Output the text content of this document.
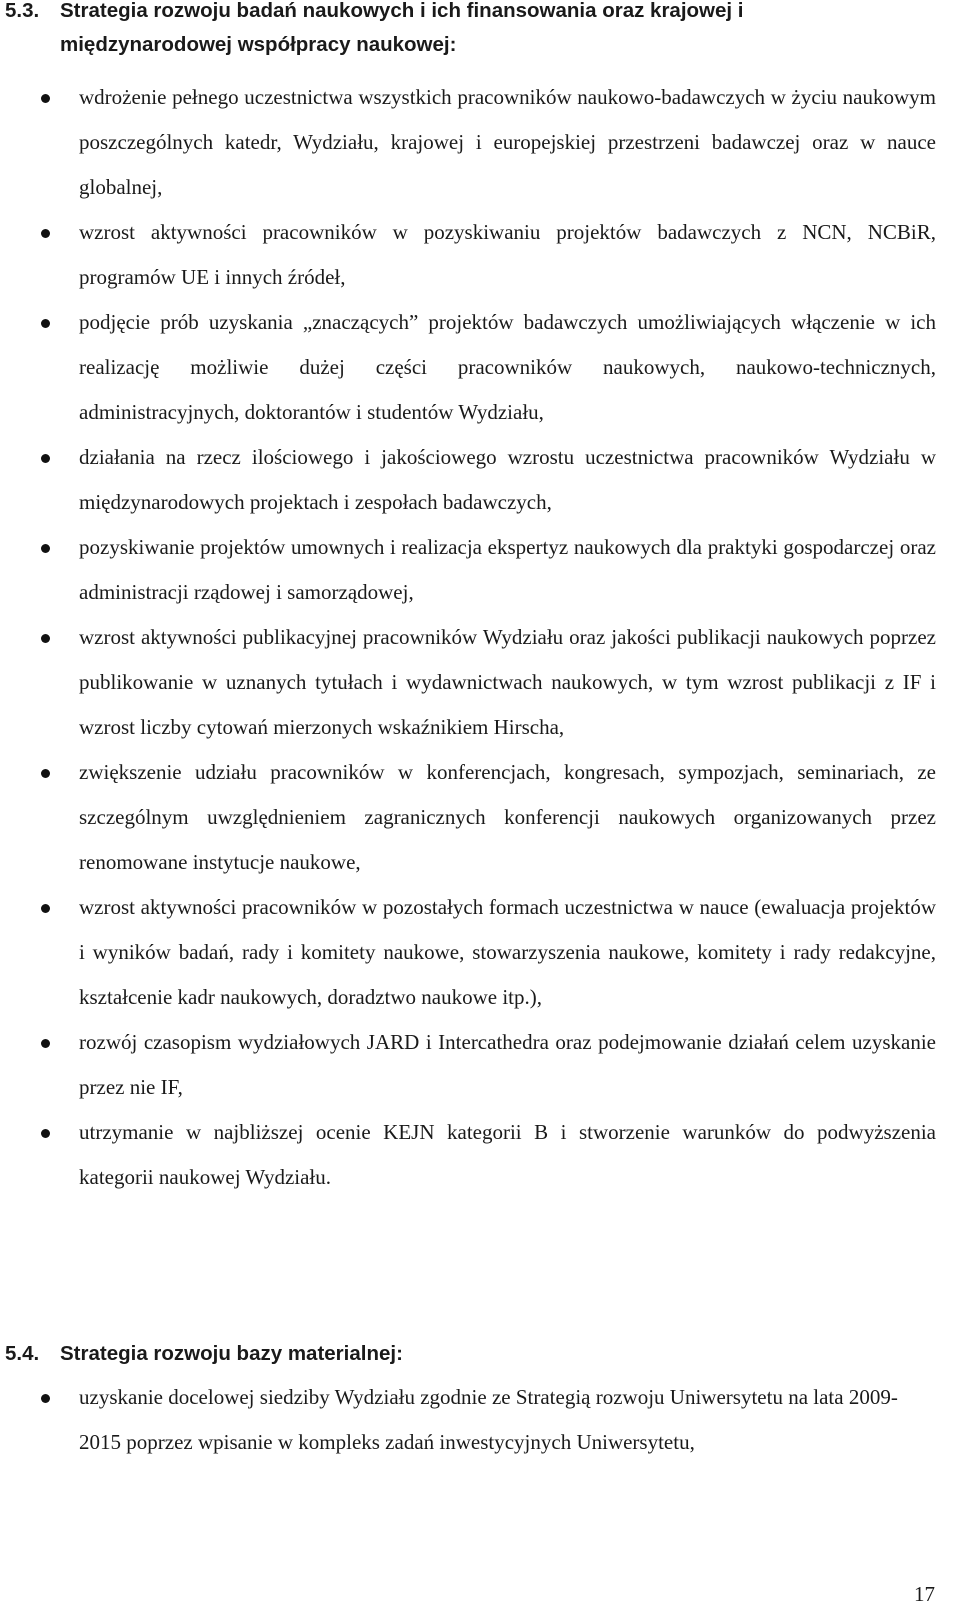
5.3. Strategia rozwoju badań naukowych i ich finansowania oraz krajowej i
międzynarodowej współpracy naukowej:
wdrożenie pełnego uczestnictwa wszystkich pracowników naukowo-badawczych w życiu naukowym poszczególnych katedr, Wydziału, krajowej i europejskiej przestrzeni badawczej oraz w nauce globalnej,
wzrost aktywności pracowników w pozyskiwaniu projektów badawczych z NCN, NCBiR, programów UE i innych źródeł,
podjęcie prób uzyskania „znaczących” projektów badawczych umożliwiających włączenie w ich realizację możliwie dużej części pracowników naukowych, naukowo-technicznych, administracyjnych, doktorantów i studentów Wydziału,
działania na rzecz ilościowego i jakościowego wzrostu uczestnictwa pracowników Wydziału w międzynarodowych projektach i zespołach badawczych,
pozyskiwanie projektów umownych i realizacja ekspertyz naukowych dla praktyki gospodarczej oraz administracji rządowej i samorządowej,
wzrost aktywności publikacyjnej pracowników Wydziału oraz jakości publikacji naukowych poprzez publikowanie w uznanych tytułach i wydawnictwach naukowych, w tym wzrost publikacji z IF i wzrost liczby cytowań mierzonych wskaźnikiem Hirscha,
zwiększenie udziału pracowników w konferencjach, kongresach, sympozjach, seminariach, ze szczególnym uwzględnieniem zagranicznych konferencji naukowych organizowanych przez renomowane instytucje naukowe,
wzrost aktywności pracowników w pozostałych formach uczestnictwa w nauce (ewaluacja projektów i wyników badań, rady i komitety naukowe, stowarzyszenia naukowe, komitety i rady redakcyjne, kształcenie kadr naukowych, doradztwo naukowe itp.),
rozwój czasopism wydziałowych JARD i Intercathedra oraz podejmowanie działań celem uzyskanie przez nie IF,
utrzymanie w najbliższej ocenie KEJN kategorii B i stworzenie warunków do podwyższenia kategorii naukowej Wydziału.
5.4. Strategia rozwoju bazy materialnej:
uzyskanie docelowej siedziby Wydziału zgodnie ze Strategią rozwoju Uniwersytetu na lata 2009-2015 poprzez wpisanie w kompleks zadań inwestycyjnych Uniwersytetu,
17
